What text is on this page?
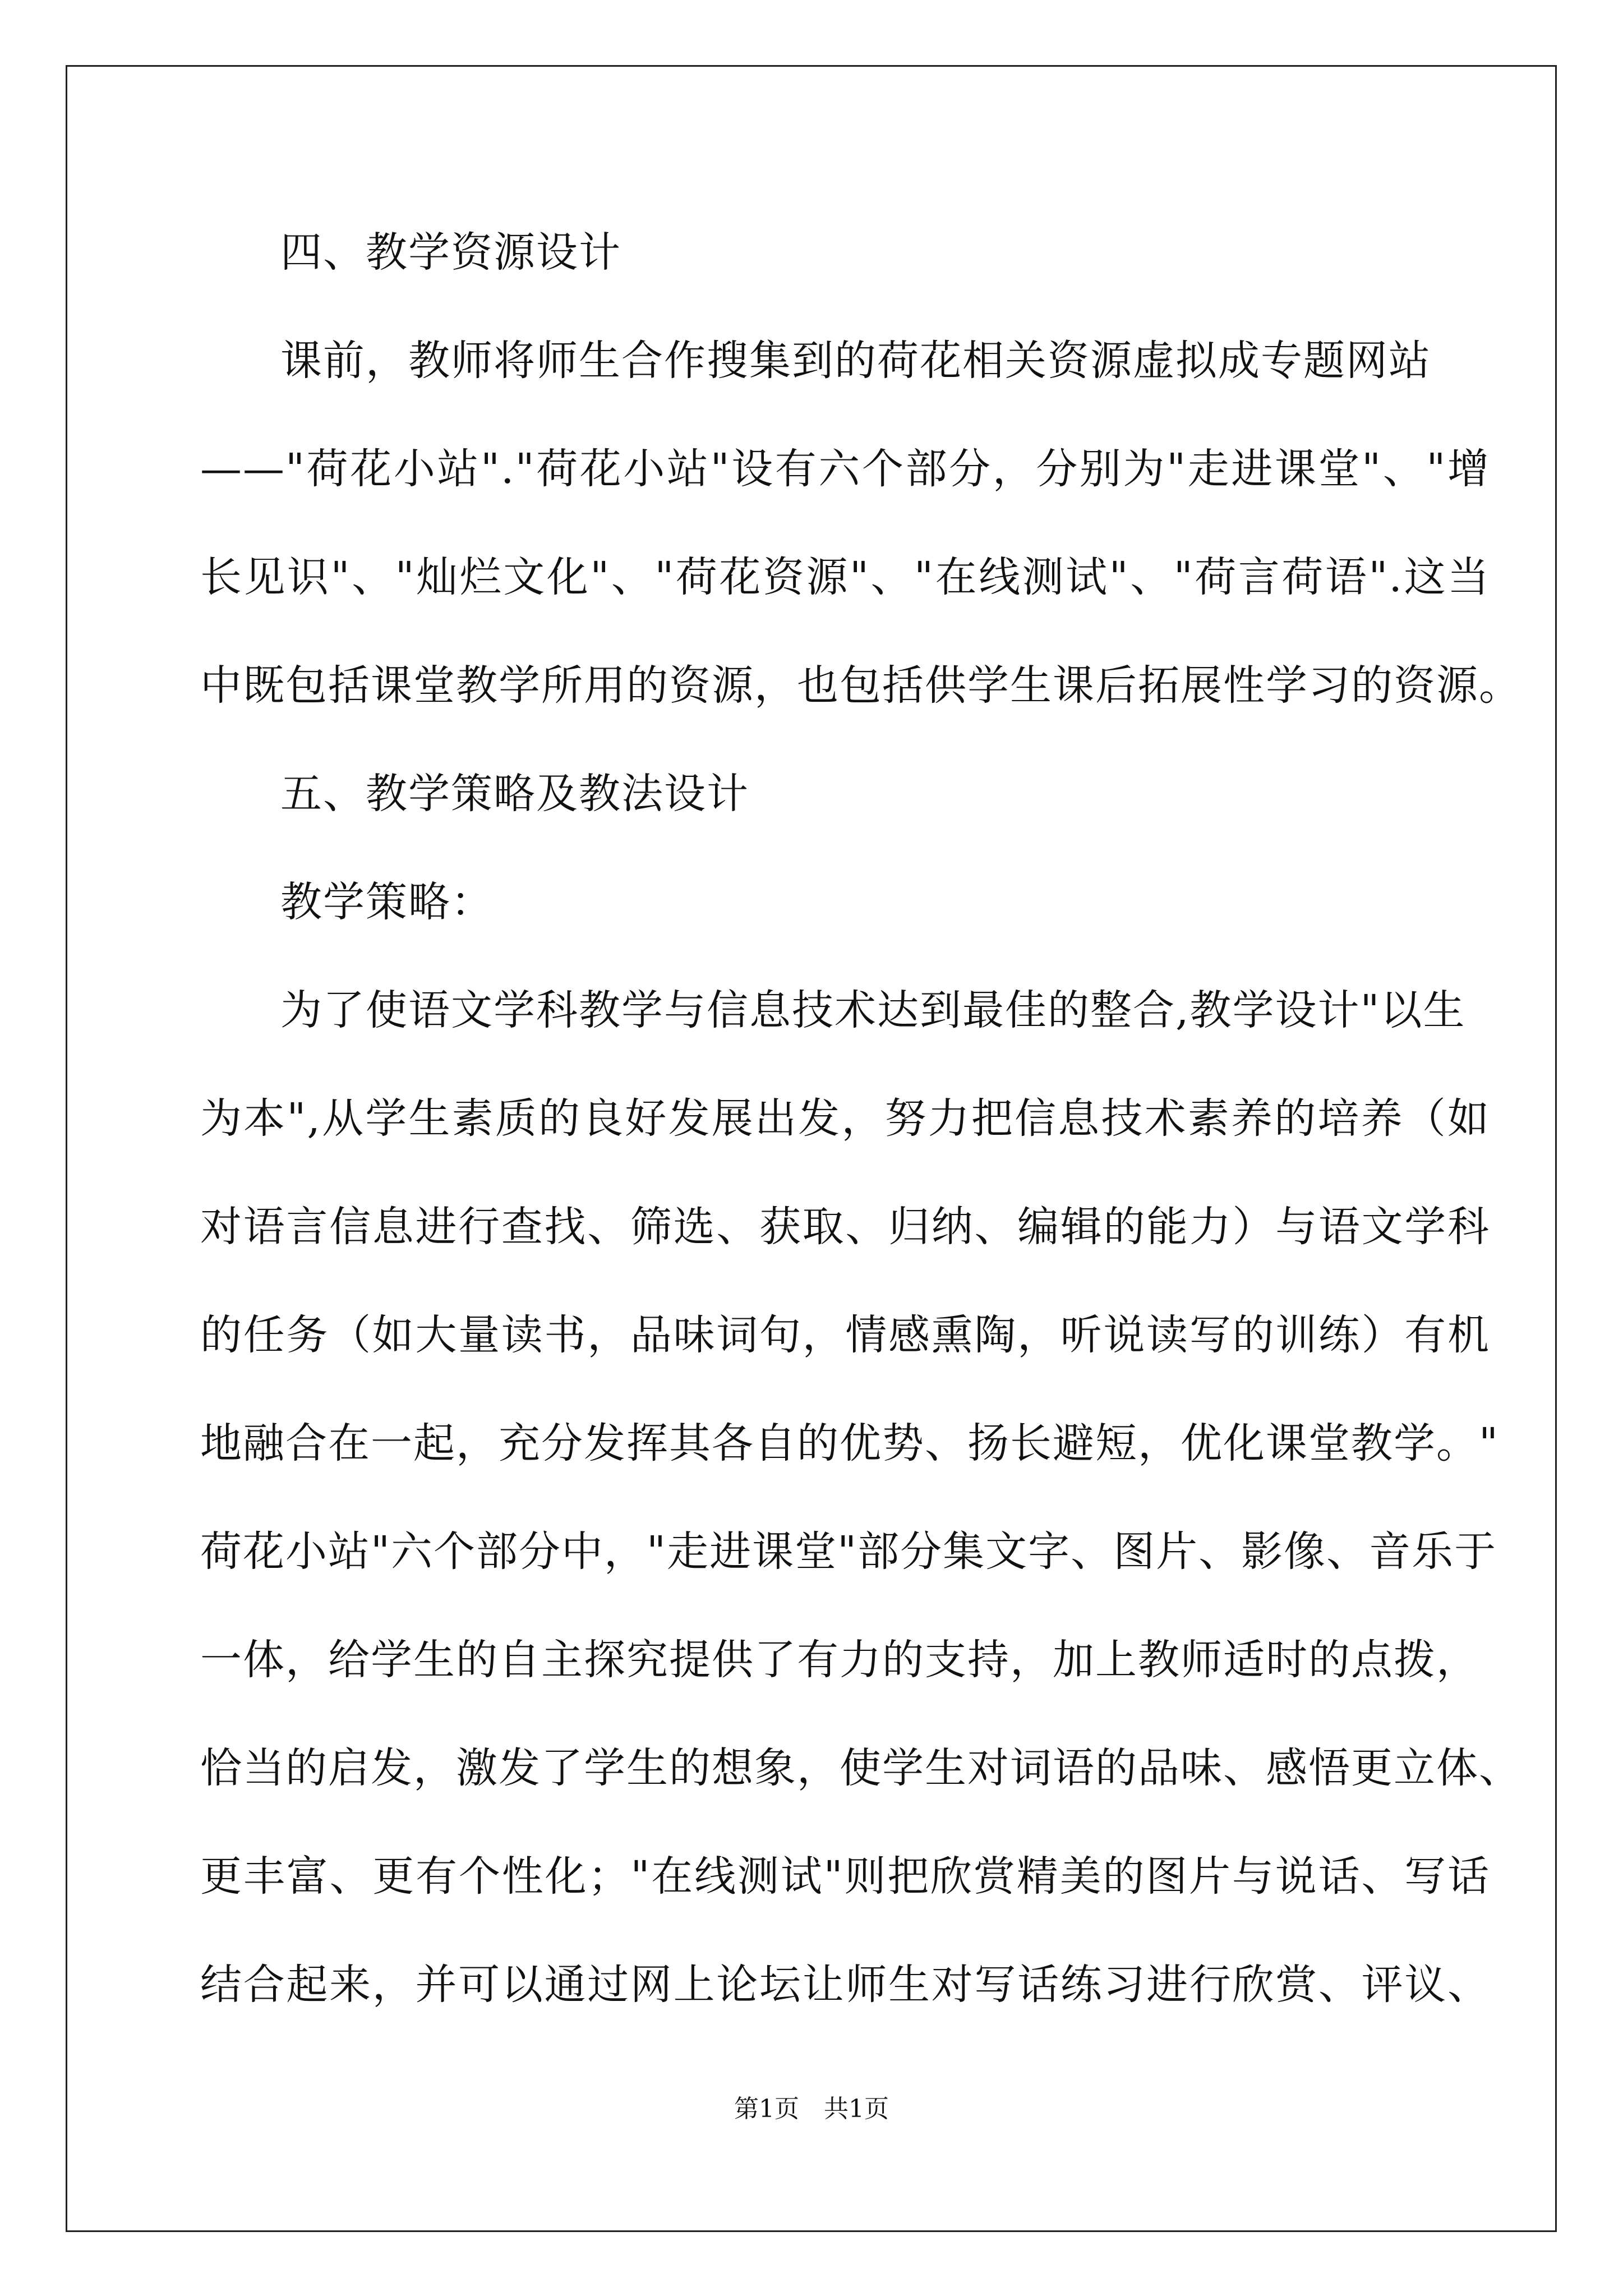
四、教学资源设计
课前，教师将师生合作搜集到的荷花相关资源虚拟成专题网站
——"荷花小站"."荷花小站"设有六个部分，分别为"走进课堂"、"增
长见识"、"灿烂文化"、"荷花资源"、"在线测试"、"荷言荷语".这当
中既包括课堂教学所用的资源，也包括供学生课后拓展性学习的资源。
五、教学策略及教法设计
教学策略：
为了使语文学科教学与信息技术达到最佳的整合,教学设计"以生
为本",从学生素质的良好发展出发，努力把信息技术素养的培养（如
对语言信息进行查找、筛选、获取、归纳、编辑的能力）与语文学科
的任务（如大量读书，品味词句，情感熏陶，听说读写的训练）有机
地融合在一起，充分发挥其各自的优势、扬长避短，优化课堂教学。"
荷花小站"六个部分中，"走进课堂"部分集文字、图片、影像、音乐于
一体，给学生的自主探究提供了有力的支持，加上教师适时的点拨，
恰当的启发，激发了学生的想象，使学生对词语的品味、感悟更立体、
更丰富、更有个性化；"在线测试"则把欣赏精美的图片与说话、写话
结合起来，并可以通过网上论坛让师生对写话练习进行欣赏、评议、
第1页　共1页
